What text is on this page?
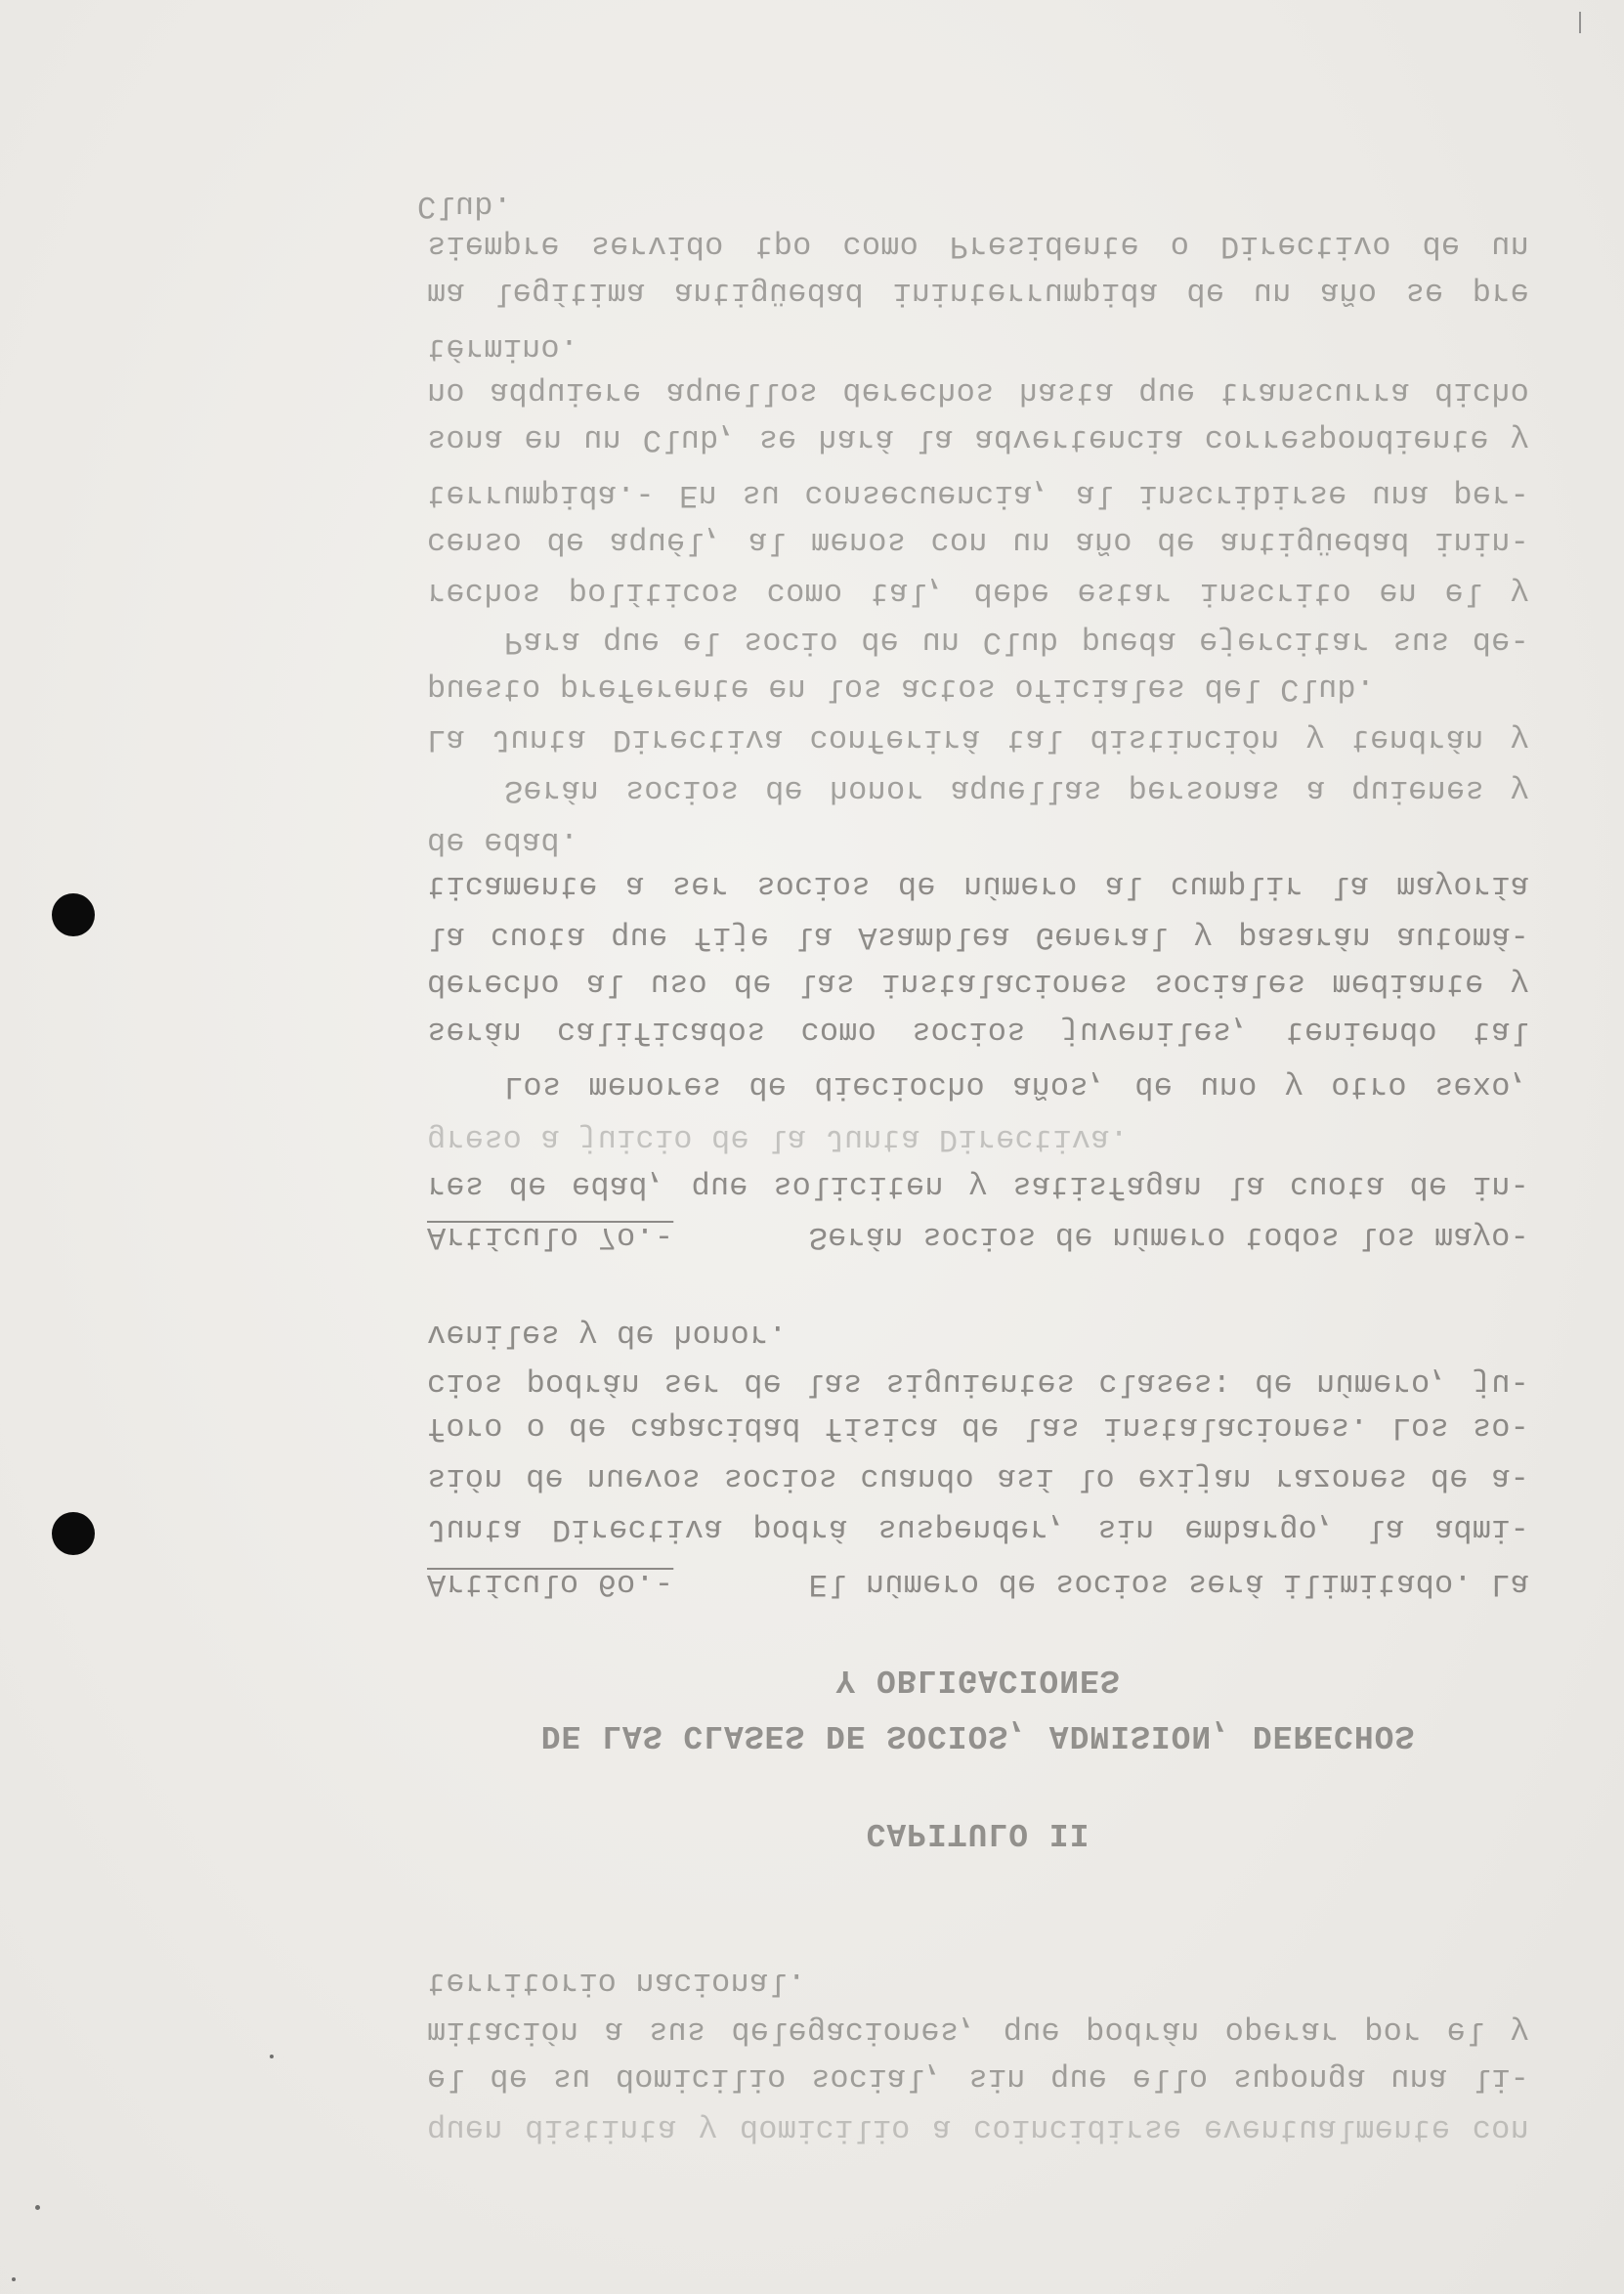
Club.
siempre servido tpo como Presidente o Directivo de un
ma legítima antigüedad ininterrumpida de un año se pre
término.
no adquiere aquellos derechos hasta que transcurra dicho
sona en un Club, se hará la advertencia correspondiente y
terrumpida.- En su consecuencia, al inscribirse una per-
censo de aquél, al menos con un año de antigüedad inin-
rechos políticos como tal, debe estar inscrito en el y
Para que el socio de un Club pueda ejercitar sus de-
puesto preferente en los actos oficiales del Club.
La Junta Directiva conferirá tal distinción y tendrán y
Serán socios de honor aquellas personas a quienes y
de edad.
ticamente a ser socios de número al cumplir la mayoría
la cuota que fije la Asamblea General y pasarán automá-
derecho al uso de las instalaciones sociales mediante y
serán calificados como socios juveniles, teniendo tal
Los menores de dieciocho años, de uno y otro sexo,
greso a juicio de la Junta Directiva.
res de edad, que soliciten y satisfagan la cuota de in-
Artículo 7o.-	Serán socios de número todos los mayo-
veniles y de honor.
cios podrán ser de las siguientes clases: de número, ju-
foro o de capacidad física de las instalaciones. Los so-
sión de nuevos socios cuando así lo exijan razones de a-
Junta Directiva podrá suspender, sin embargo, la admi-
Artículo 6o.-	El número de socios será ilimitado. La
Y OBLIGACIONES
DE LAS CLASES DE SOCIOS, ADMISION, DERECHOS
CAPITULO II
territorio nacional.
mitación a sus delegaciones, que podrán operar por el y
el de su domicilio social, sin que ello suponga una li-
quen distinta y domicilio a coincidirse eventualmente con
